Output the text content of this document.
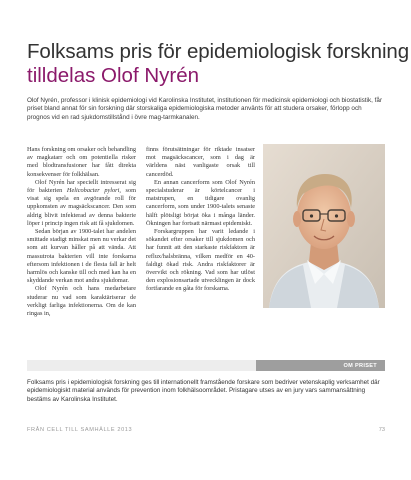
Folksams pris för epidemiologisk forskning
tilldelas Olof Nyrén
Olof Nyrén, professor i klinisk epidemiologi vid Karolinska Institutet, institutionen för medicinsk epidemiologi och biostatistik, får priset bland annat för sin forskning där storskaliga epidemiologiska metoder använts för att studera orsaker, förlopp och prognos vid en rad sjukdomstillstånd i övre mag-tarmkanalen.

Hans forskning om orsaker och behandling av magkatarr och om potentiella risker med blodtransfusioner har fått direkta konsekvenser för folkhälsan.

Olof Nyrén har speciellt intresserat sig för bakterien Helicobacter pylori, som visat sig spela en avgörande roll för uppkomsten av magsäckscancer. Den som aldrig blivit infekterad av denna bakterie löper i princip ingen risk att få sjukdomen.

Sedan början av 1900-talet har andelen smittade stadigt minskat men nu verkar det som att kurvan håller på att vända. Att massutrota bakterien vill inte forskarna eftersom infektionen i de flesta fall är helt harmlös och kanske till och med kan ha en skyddande verkan mot andra sjukdomar.

Olof Nyrén och hans medarbetare studerar nu vad som karaktäriserar de verkligt farliga infektionerna. Om de kan ringas in,

finns förutsättningar för riktade insatser mot magsäckscancer, som i dag är världens näst vanligaste orsak till cancerdöd.

En annan cancerform som Olof Nyrén specialstuderar är körtelcancer i matstrupen, en tidigare ovanlig cancerform, som under 1900-talets senaste hälft plötsligt börjat öka i många länder. Ökningen har fortsatt närmast epidemiskt.

Forskargruppen har varit ledande i sökandet efter orsaker till sjukdomen och har funnit att den starkaste riskfaktorn är reflux/halsbränna, vilken medför en 40-faldigt ökad risk. Andra riskfaktorer är övervikt och rökning. Vad som har utlöst den explosionsartade utvecklingen är dock fortfarande en gåta för forskarna.

OM PRISET
Folksams pris i epidemiologisk forskning ges till internationellt framstående forskare som bedriver vetenskaplig verksamhet där epidemiologiskt material används för prevention inom folkhälsoområdet. Pristagare utses av en jury vars sammansättning bestäms av Karolinska Institutet.
FRÅN CELL TILL SAMHÄLLE 2013	73
